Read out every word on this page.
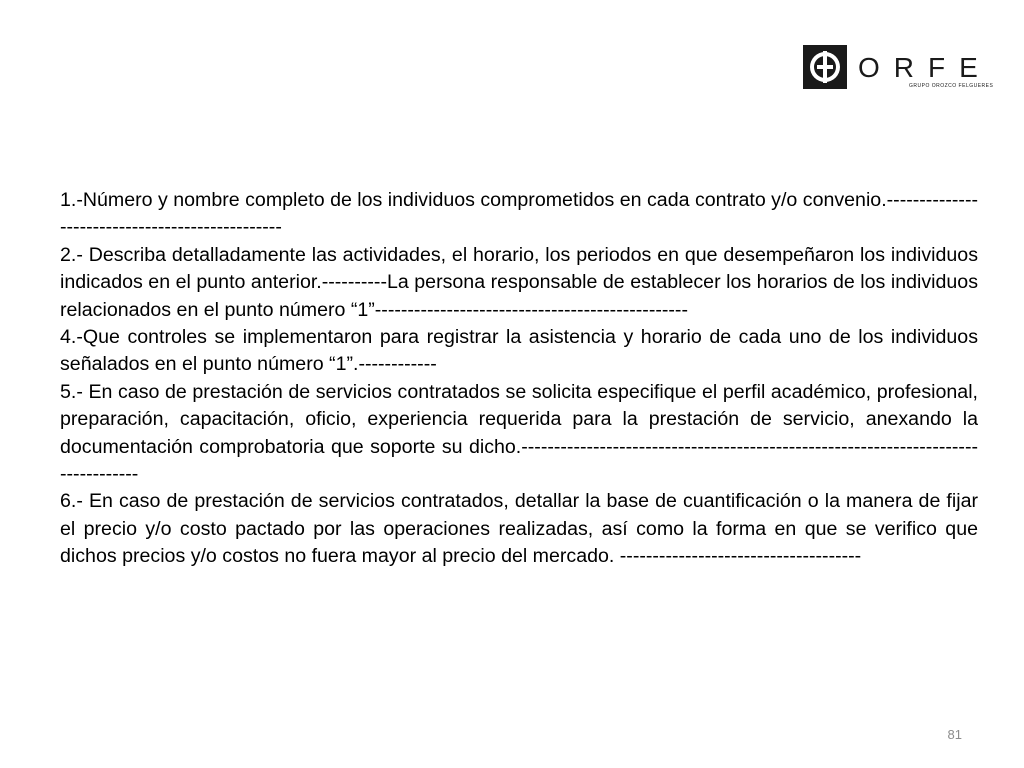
ORFE
GRUPO OROZCO FELGUERES

1.-Número y nombre completo de los individuos comprometidos en cada contrato y/o convenio.------------------------------------------------

2.- Describa detalladamente las actividades, el horario, los periodos en que desempeñaron los individuos indicados en el punto anterior.----------La persona responsable de establecer los horarios de los individuos relacionados en el punto número “1”------------------------------------------------

4.-Que controles se implementaron para registrar la asistencia y horario de cada uno de los individuos señalados en el punto número “1”.------------

5.- En caso de prestación de servicios contratados se solicita especifique el perfil académico, profesional, preparación, capacitación, oficio, experiencia requerida para la prestación de servicio, anexando la documentación comprobatoria que soporte su dicho.----------------------------------------------------------------------------------

6.- En caso de prestación de servicios contratados, detallar la base de cuantificación o la manera de fijar el precio y/o costo pactado por las operaciones realizadas, así como la forma en que se verifico que dichos precios y/o costos no fuera mayor al precio del mercado. -------------------------------------

81
